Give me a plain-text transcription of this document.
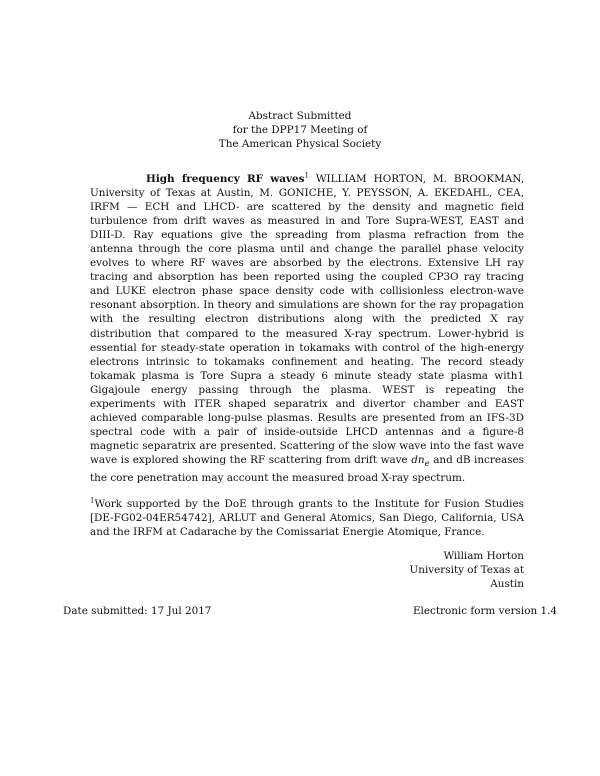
Abstract Submitted
for the DPP17 Meeting of
The American Physical Society

High frequency RF waves$^1$ WILLIAM HORTON, M. BROOKMAN, University of Texas at Austin, M. GONICHE, Y. PEYSSON, A. EKEDAHL, CEA, IRFM — ECH and LHCD- are scattered by the density and magnetic field turbulence from drift waves as measured in and Tore Supra-WEST, EAST and DIII-D. Ray equations give the spreading from plasma refraction from the antenna through the core plasma until and change the parallel phase velocity evolves to where RF waves are absorbed by the electrons. Extensive LH ray tracing and absorption has been reported using the coupled CP3O ray tracing and LUKE electron phase space density code with collisionless electron-wave resonant absorption. In theory and simulations are shown for the ray propagation with the resulting electron distributions along with the predicted X ray distribution that compared to the measured X-ray spectrum. Lower-hybrid is essential for steady-state operation in tokamaks with control of the high-energy electrons intrinsic to tokamaks confinement and heating. The record steady tokamak plasma is Tore Supra a steady 6 minute steady state plasma with1 Gigajoule energy passing through the plasma. WEST is repeating the experiments with ITER shaped separatrix and divertor chamber and EAST achieved comparable long-pulse plasmas. Results are presented from an IFS-3D spectral code with a pair of inside-outside LHCD antennas and a figure-8 magnetic separatrix are presented. Scattering of the slow wave into the fast wave wave is explored showing the RF scattering from drift wave $dn_e$ and dB increases the core penetration may account the measured broad X-ray spectrum.

$^1$Work supported by the DoE through grants to the Institute for Fusion Studies [DE-FG02-04ER54742], ARLUT and General Atomics, San Diego, California, USA and the IRFM at Cadarache by the Comissariat Energie Atomique, France.

William Horton
University of Texas at Austin
Date submitted: 17 Jul 2017	Electronic form version 1.4
